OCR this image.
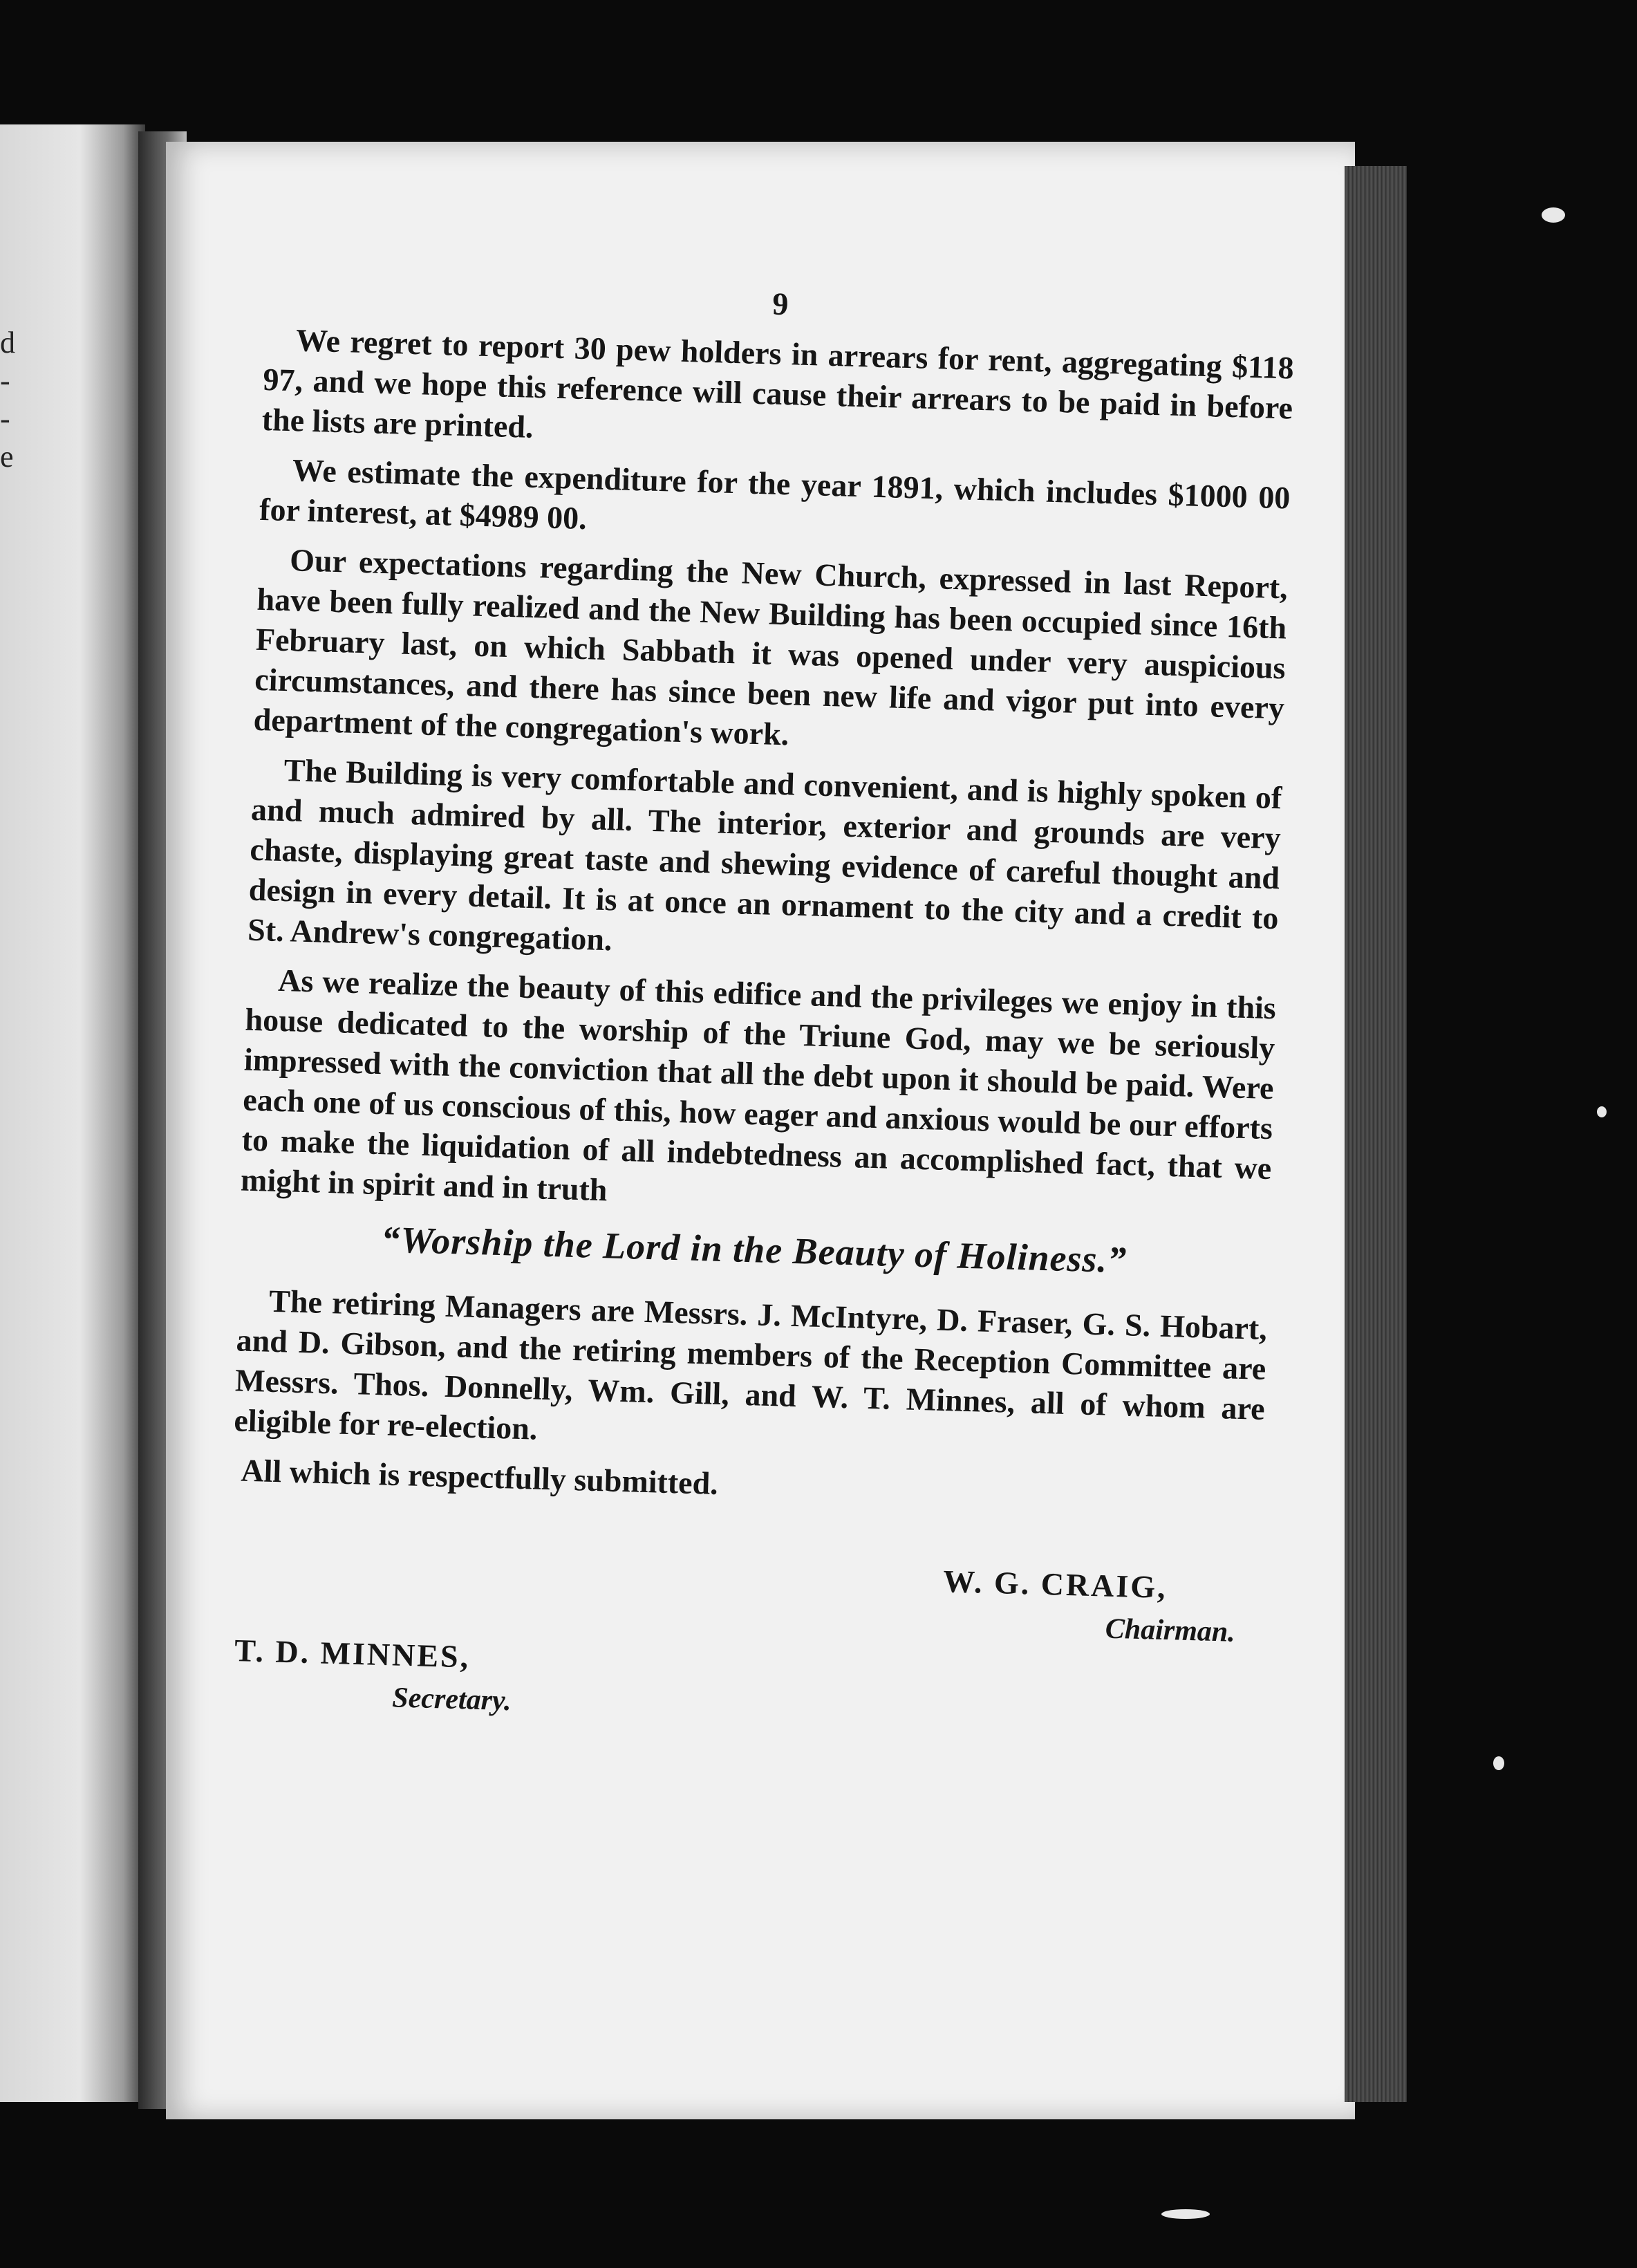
d
-
-
e
9

We regret to report 30 pew holders in arrears for rent, aggregating $118 97, and we hope this reference will cause their arrears to be paid in before the lists are printed.

We estimate the expenditure for the year 1891, which includes $1000 00 for interest, at $4989 00.

Our expectations regarding the New Church, expressed in last Report, have been fully realized and the New Building has been occupied since 16th February last, on which Sabbath it was opened under very auspicious circumstances, and there has since been new life and vigor put into every department of the congregation's work.

The Building is very comfortable and convenient, and is highly spoken of and much admired by all. The interior, exterior and grounds are very chaste, displaying great taste and shewing evidence of careful thought and design in every detail. It is at once an ornament to the city and a credit to St. Andrew's congregation.

As we realize the beauty of this edifice and the privileges we enjoy in this house dedicated to the worship of the Triune God, may we be seriously impressed with the conviction that all the debt upon it should be paid. Were each one of us conscious of this, how eager and anxious would be our efforts to make the liquidation of all indebtedness an accomplished fact, that we might in spirit and in truth

“Worship the Lord in the Beauty of Holiness.”

The retiring Managers are Messrs. J. McIntyre, D. Fraser, G. S. Hobart, and D. Gibson, and the retiring members of the Reception Committee are Messrs. Thos. Donnelly, Wm. Gill, and W. T. Minnes, all of whom are eligible for re-election.

All which is respectfully submitted.

W. G. CRAIG,
Chairman.
T. D. MINNES,
Secretary.
